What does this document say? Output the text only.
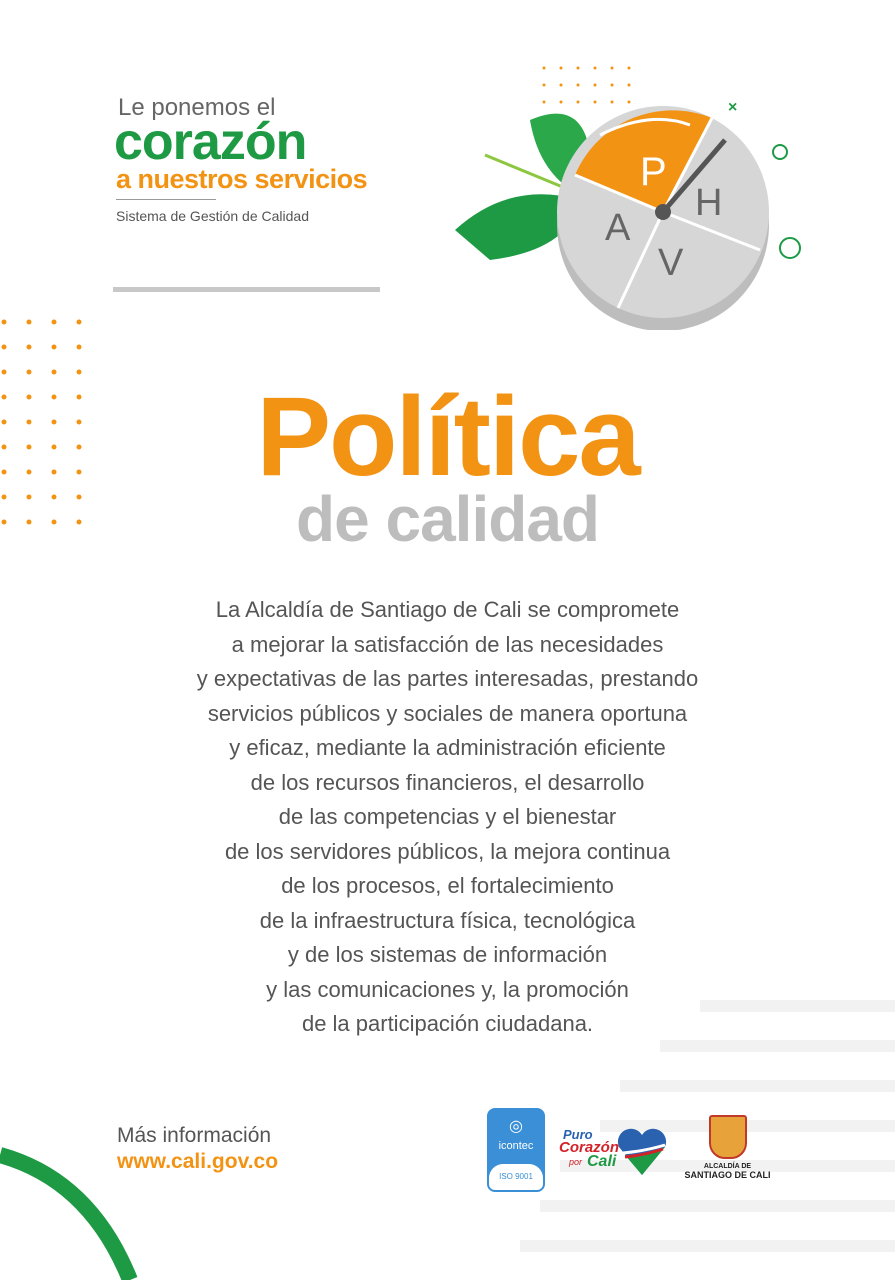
Le ponemos el
corazón
a nuestros servicios
Sistema de Gestión de Calidad
P
H
V
A
×
Política
de calidad
La Alcaldía de Santiago de Cali se compromete
a mejorar la satisfacción de las necesidades
y expectativas de las partes interesadas, prestando
servicios públicos y sociales de manera oportuna
y eficaz, mediante la administración eficiente
de los recursos financieros, el desarrollo
de las competencias y el bienestar
de los servidores públicos, la mejora continua
de los procesos, el fortalecimiento
de la infraestructura física, tecnológica
y de los sistemas de información
y las comunicaciones y, la promoción
de la participación ciudadana.
Más información
www.cali.gov.co
◎
icontec
ISO 9001
Puro
Corazón
por Cali	ALCALDÍA DE
SANTIAGO DE CALI
